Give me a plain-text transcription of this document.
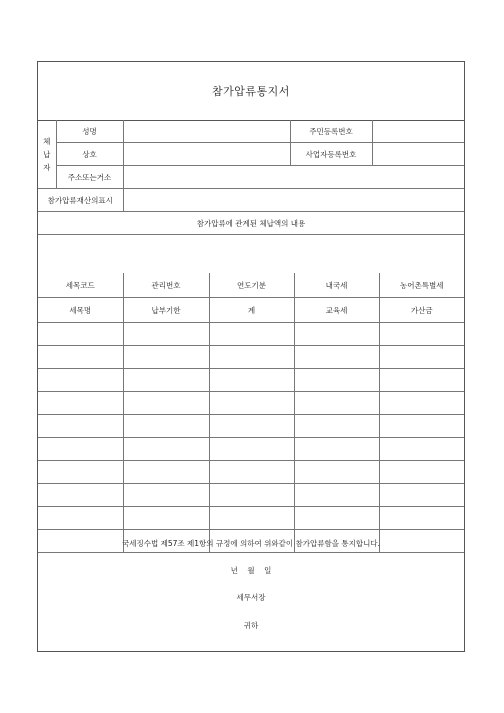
참가압류통지서
체
납
자	성명		주민등록번호	
	상호		사업자등록번호	
	주소또는거소			
참가압류재산의표시				
참가압류에 관계된 체납액의 내용				
세목코드	관리번호	연도기분	내국세	농어촌특별세
세목명	납부기한	계	교육세	가산금

국세징수법 제57조 제1항의 규정에 의하여 위와같이 참가압류함을 통지합니다.
년    월    일
세무서장
귀하
